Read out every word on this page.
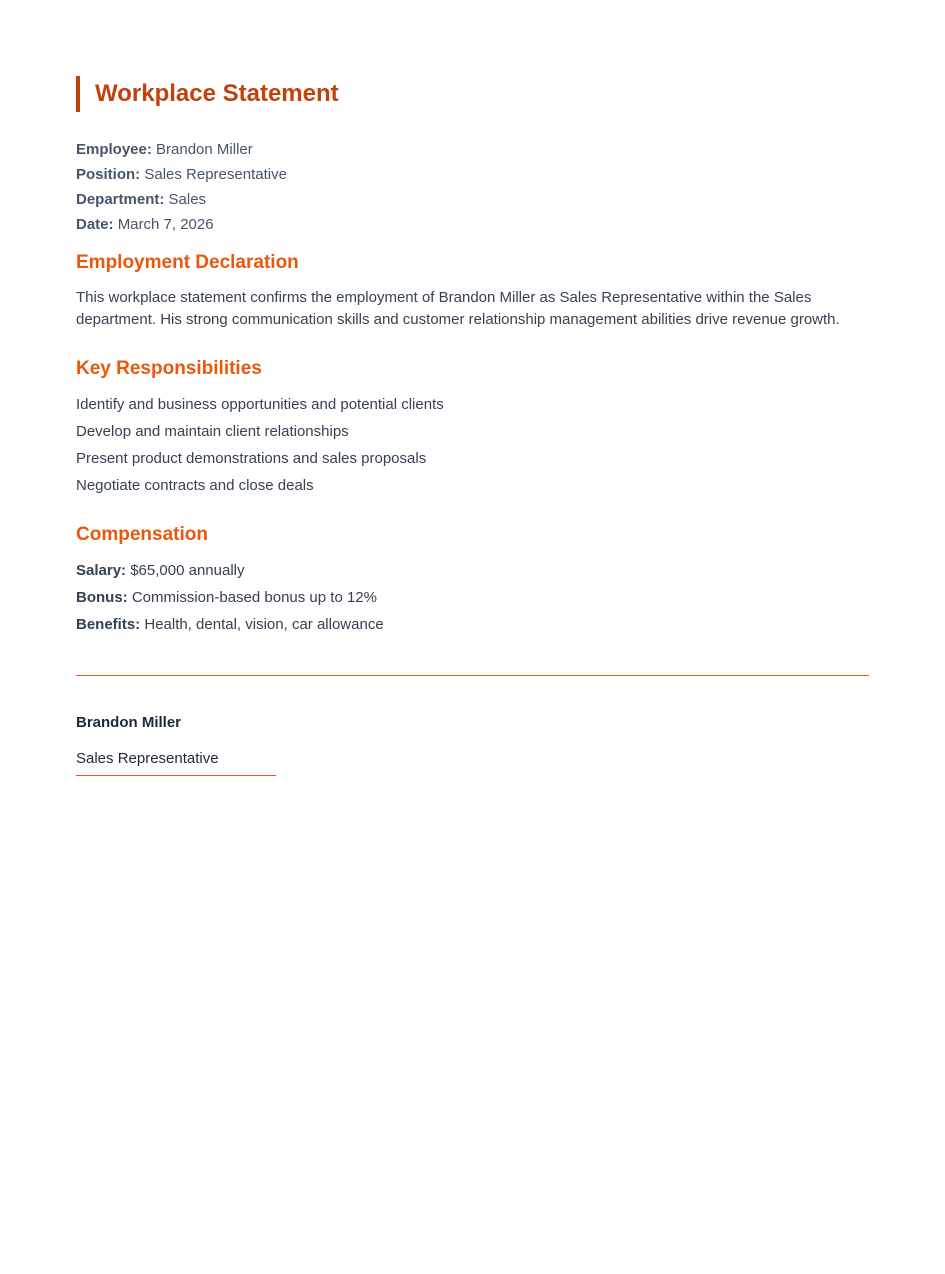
Workplace Statement
Employee: Brandon Miller
Position: Sales Representative
Department: Sales
Date: March 7, 2026
Employment Declaration
This workplace statement confirms the employment of Brandon Miller as Sales Representative within the Sales department. His strong communication skills and customer relationship management abilities drive revenue growth.
Key Responsibilities
Identify and business opportunities and potential clients
Develop and maintain client relationships
Present product demonstrations and sales proposals
Negotiate contracts and close deals
Compensation
Salary: $65,000 annually
Bonus: Commission-based bonus up to 12%
Benefits: Health, dental, vision, car allowance
Brandon Miller
Sales Representative
